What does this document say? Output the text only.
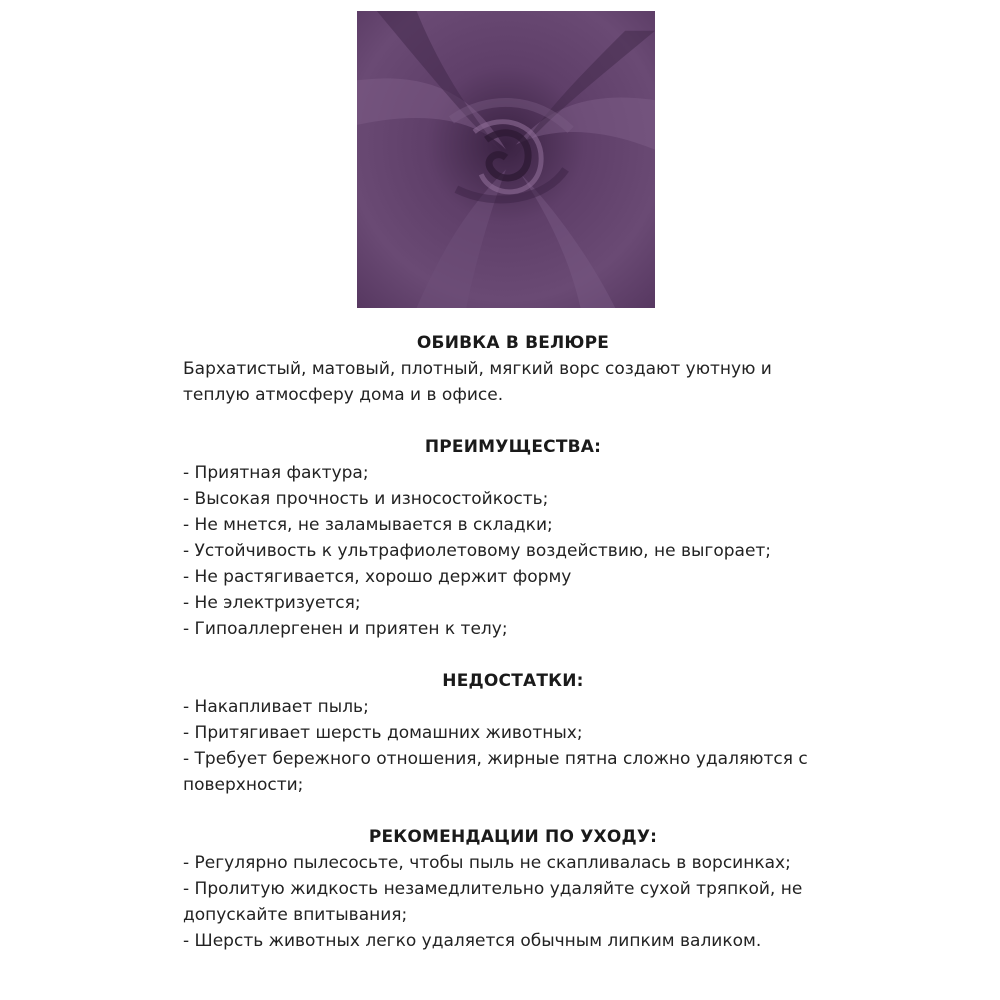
ОБИВКА В ВЕЛЮРЕ

Бархатистый, матовый, плотный, мягкий ворс создают уютную и теплую атмосферу дома и в офисе.

ПРЕИМУЩЕСТВА:

- Приятная фактура;

- Высокая прочность и износостойкость;

- Не мнется, не заламывается в складки;

- Устойчивость к ультрафиолетовому воздействию, не выгорает;

- Не растягивается, хорошо держит форму

- Не электризуется;

- Гипоаллергенен и приятен к телу;

НЕДОСТАТКИ:

- Накапливает пыль;

- Притягивает шерсть домашних животных;

- Требует бережного отношения, жирные пятна сложно удаляются с поверхности;

РЕКОМЕНДАЦИИ ПО УХОДУ:

- Регулярно пылесосьте, чтобы пыль не скапливалась в ворсинках;

- Пролитую жидкость незамедлительно удаляйте сухой тряпкой, не допускайте впитывания;

- Шерсть животных легко удаляется обычным липким валиком.
